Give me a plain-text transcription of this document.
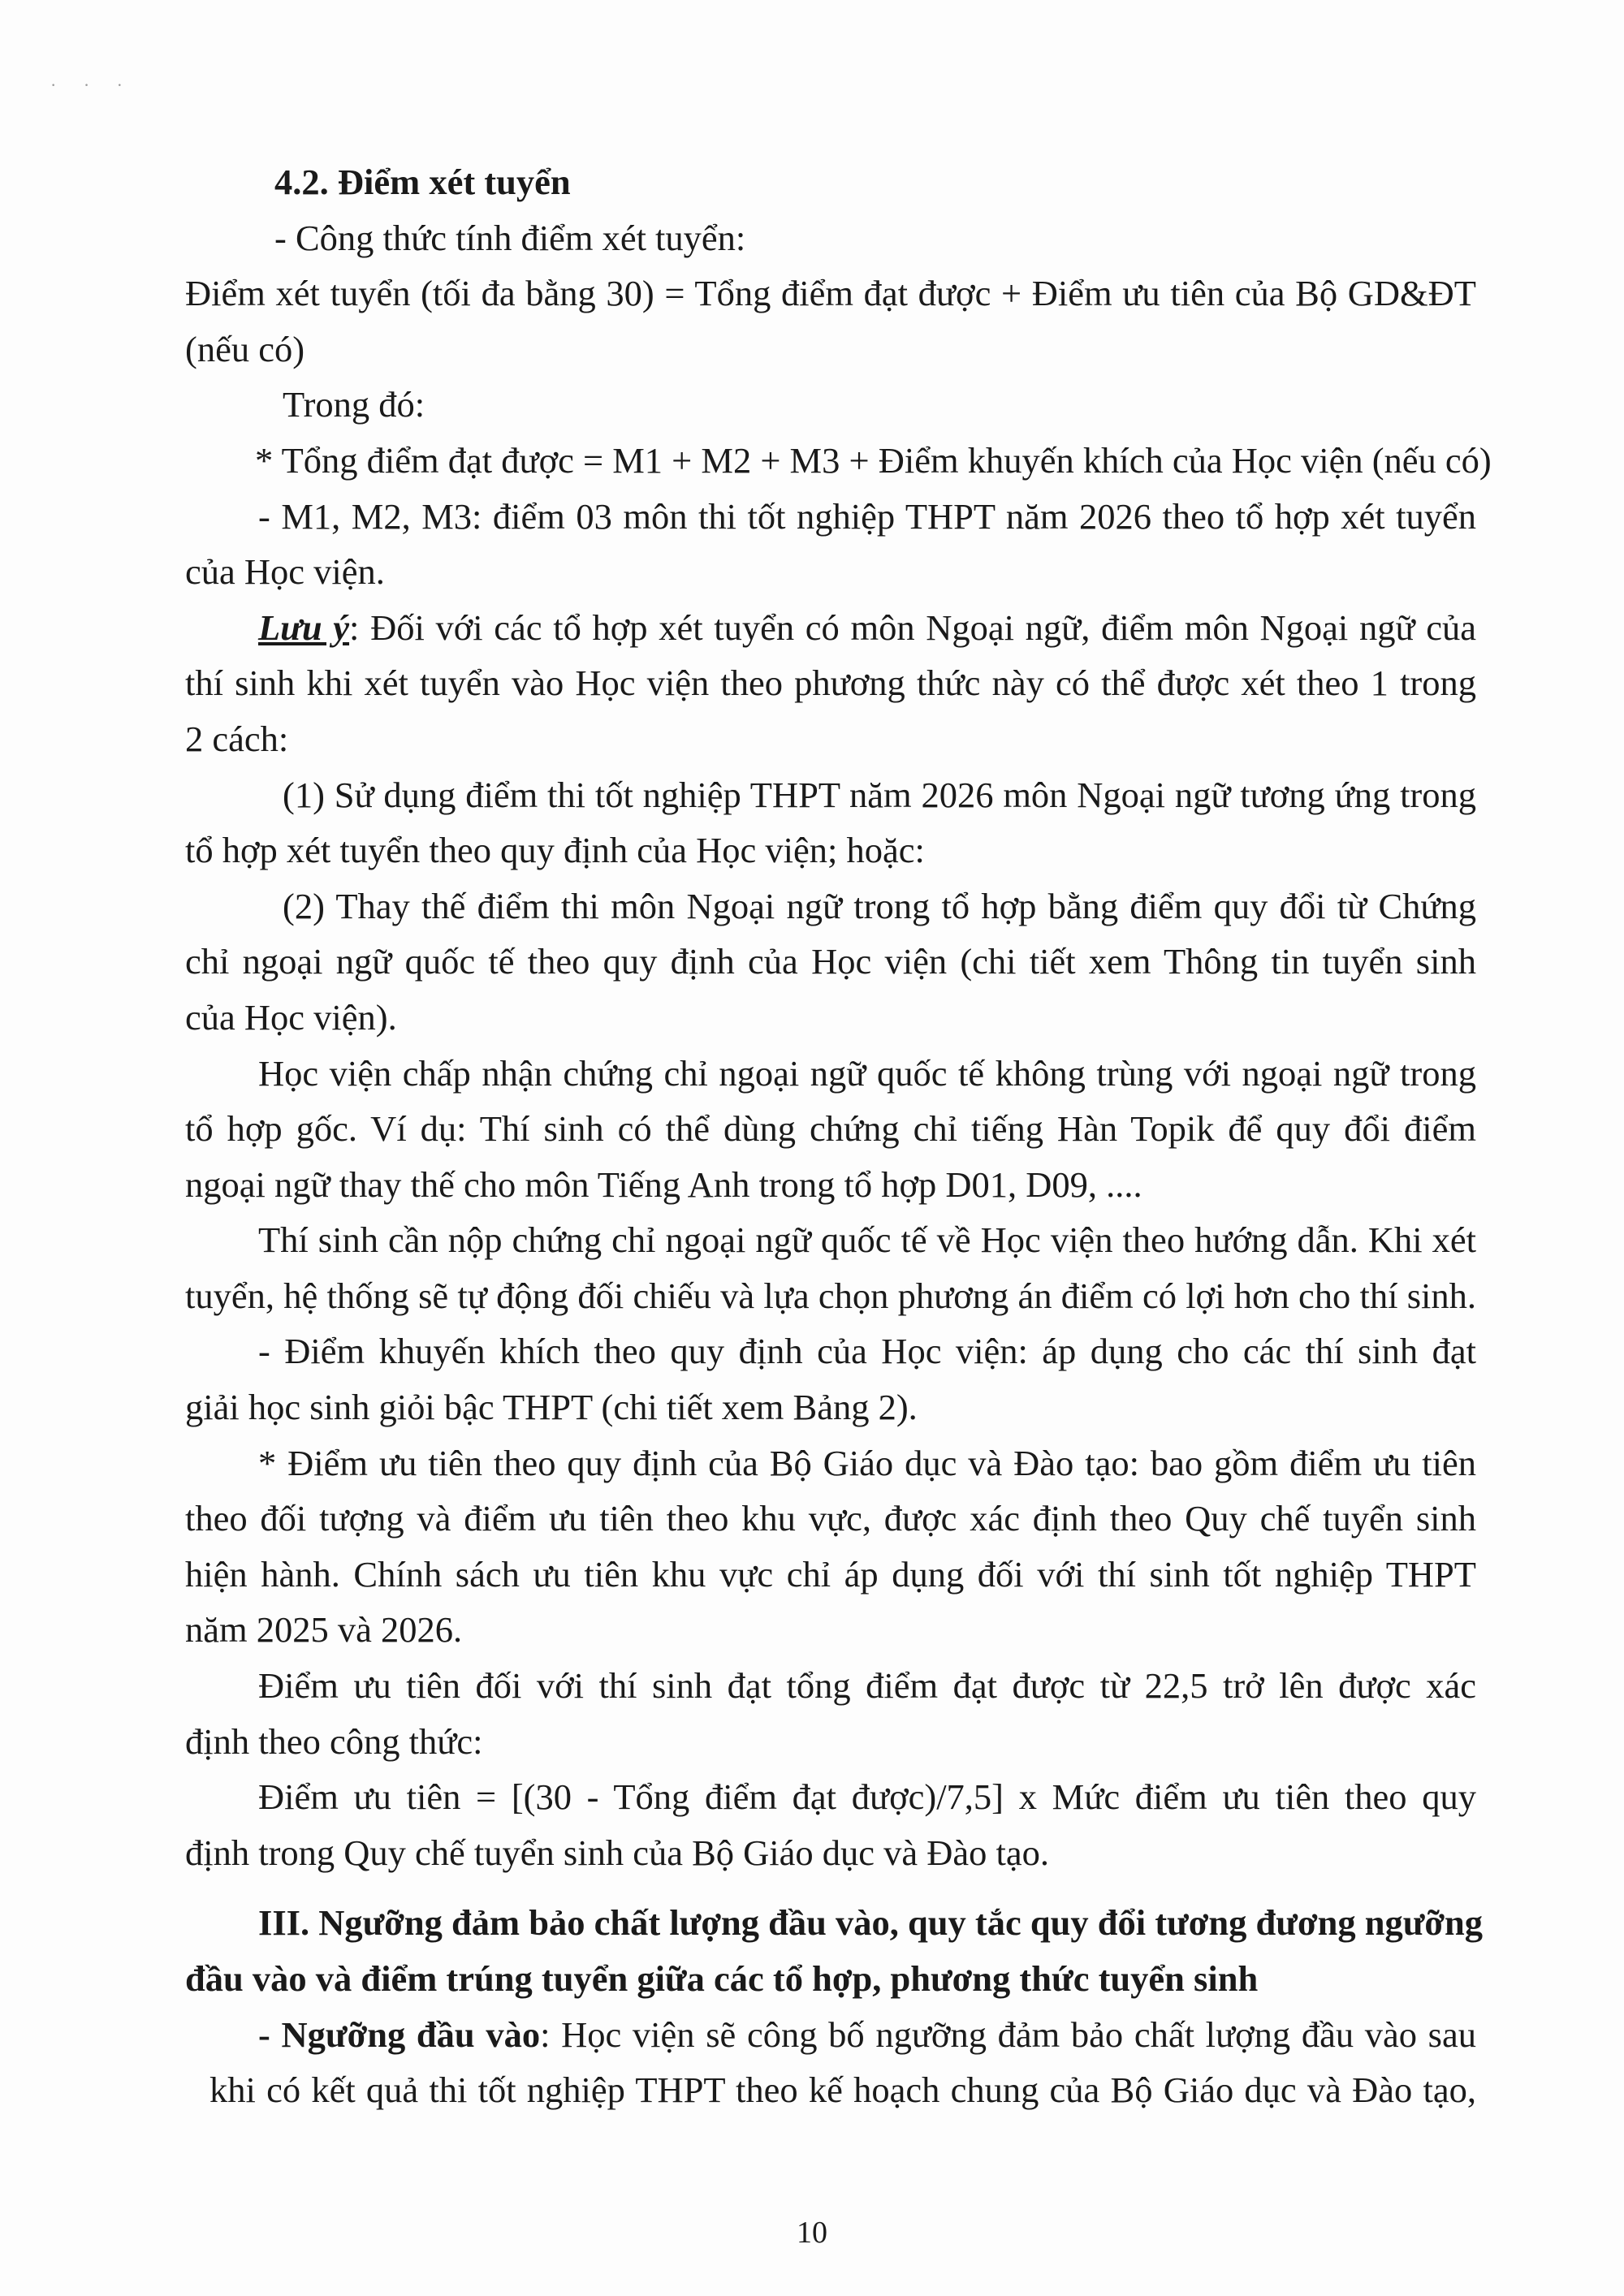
· · ·
4.2. Điểm xét tuyển
- Công thức tính điểm xét tuyển:
Điểm xét tuyển (tối đa bằng 30) = Tổng điểm đạt được + Điểm ưu tiên của Bộ GD&ĐT
(nếu có)
Trong đó:
* Tổng điểm đạt được = M1 + M2 + M3 + Điểm khuyến khích của Học viện (nếu có)
- M1, M2, M3: điểm 03 môn thi tốt nghiệp THPT năm 2026 theo tổ hợp xét tuyển
của Học viện.
Lưu ý: Đối với các tổ hợp xét tuyển có môn Ngoại ngữ, điểm môn Ngoại ngữ của
thí sinh khi xét tuyển vào Học viện theo phương thức này có thể được xét theo 1 trong
2 cách:
(1) Sử dụng điểm thi tốt nghiệp THPT năm 2026 môn Ngoại ngữ tương ứng trong
tổ hợp xét tuyển theo quy định của Học viện; hoặc:
(2) Thay thế điểm thi môn Ngoại ngữ trong tổ hợp bằng điểm quy đổi từ Chứng
chỉ ngoại ngữ quốc tế theo quy định của Học viện (chi tiết xem Thông tin tuyển sinh
của Học viện).
Học viện chấp nhận chứng chỉ ngoại ngữ quốc tế không trùng với ngoại ngữ trong
tổ hợp gốc. Ví dụ: Thí sinh có thể dùng chứng chỉ tiếng Hàn Topik để quy đổi điểm
ngoại ngữ thay thế cho môn Tiếng Anh trong tổ hợp D01, D09, ....
Thí sinh cần nộp chứng chỉ ngoại ngữ quốc tế về Học viện theo hướng dẫn. Khi xét
tuyển, hệ thống sẽ tự động đối chiếu và lựa chọn phương án điểm có lợi hơn cho thí sinh.
- Điểm khuyến khích theo quy định của Học viện: áp dụng cho các thí sinh đạt
giải học sinh giỏi bậc THPT (chi tiết xem Bảng 2).
* Điểm ưu tiên theo quy định của Bộ Giáo dục và Đào tạo: bao gồm điểm ưu tiên
theo đối tượng và điểm ưu tiên theo khu vực, được xác định theo Quy chế tuyển sinh
hiện hành. Chính sách ưu tiên khu vực chỉ áp dụng đối với thí sinh tốt nghiệp THPT
năm 2025 và 2026.
Điểm ưu tiên đối với thí sinh đạt tổng điểm đạt được từ 22,5 trở lên được xác
định theo công thức:
Điểm ưu tiên = [(30 - Tổng điểm đạt được)/7,5] x Mức điểm ưu tiên theo quy
định trong Quy chế tuyển sinh của Bộ Giáo dục và Đào tạo.
III. Ngưỡng đảm bảo chất lượng đầu vào, quy tắc quy đổi tương đương ngưỡng
đầu vào và điểm trúng tuyển giữa các tổ hợp, phương thức tuyển sinh
- Ngưỡng đầu vào: Học viện sẽ công bố ngưỡng đảm bảo chất lượng đầu vào sau
khi có kết quả thi tốt nghiệp THPT theo kế hoạch chung của Bộ Giáo dục và Đào tạo,
10
